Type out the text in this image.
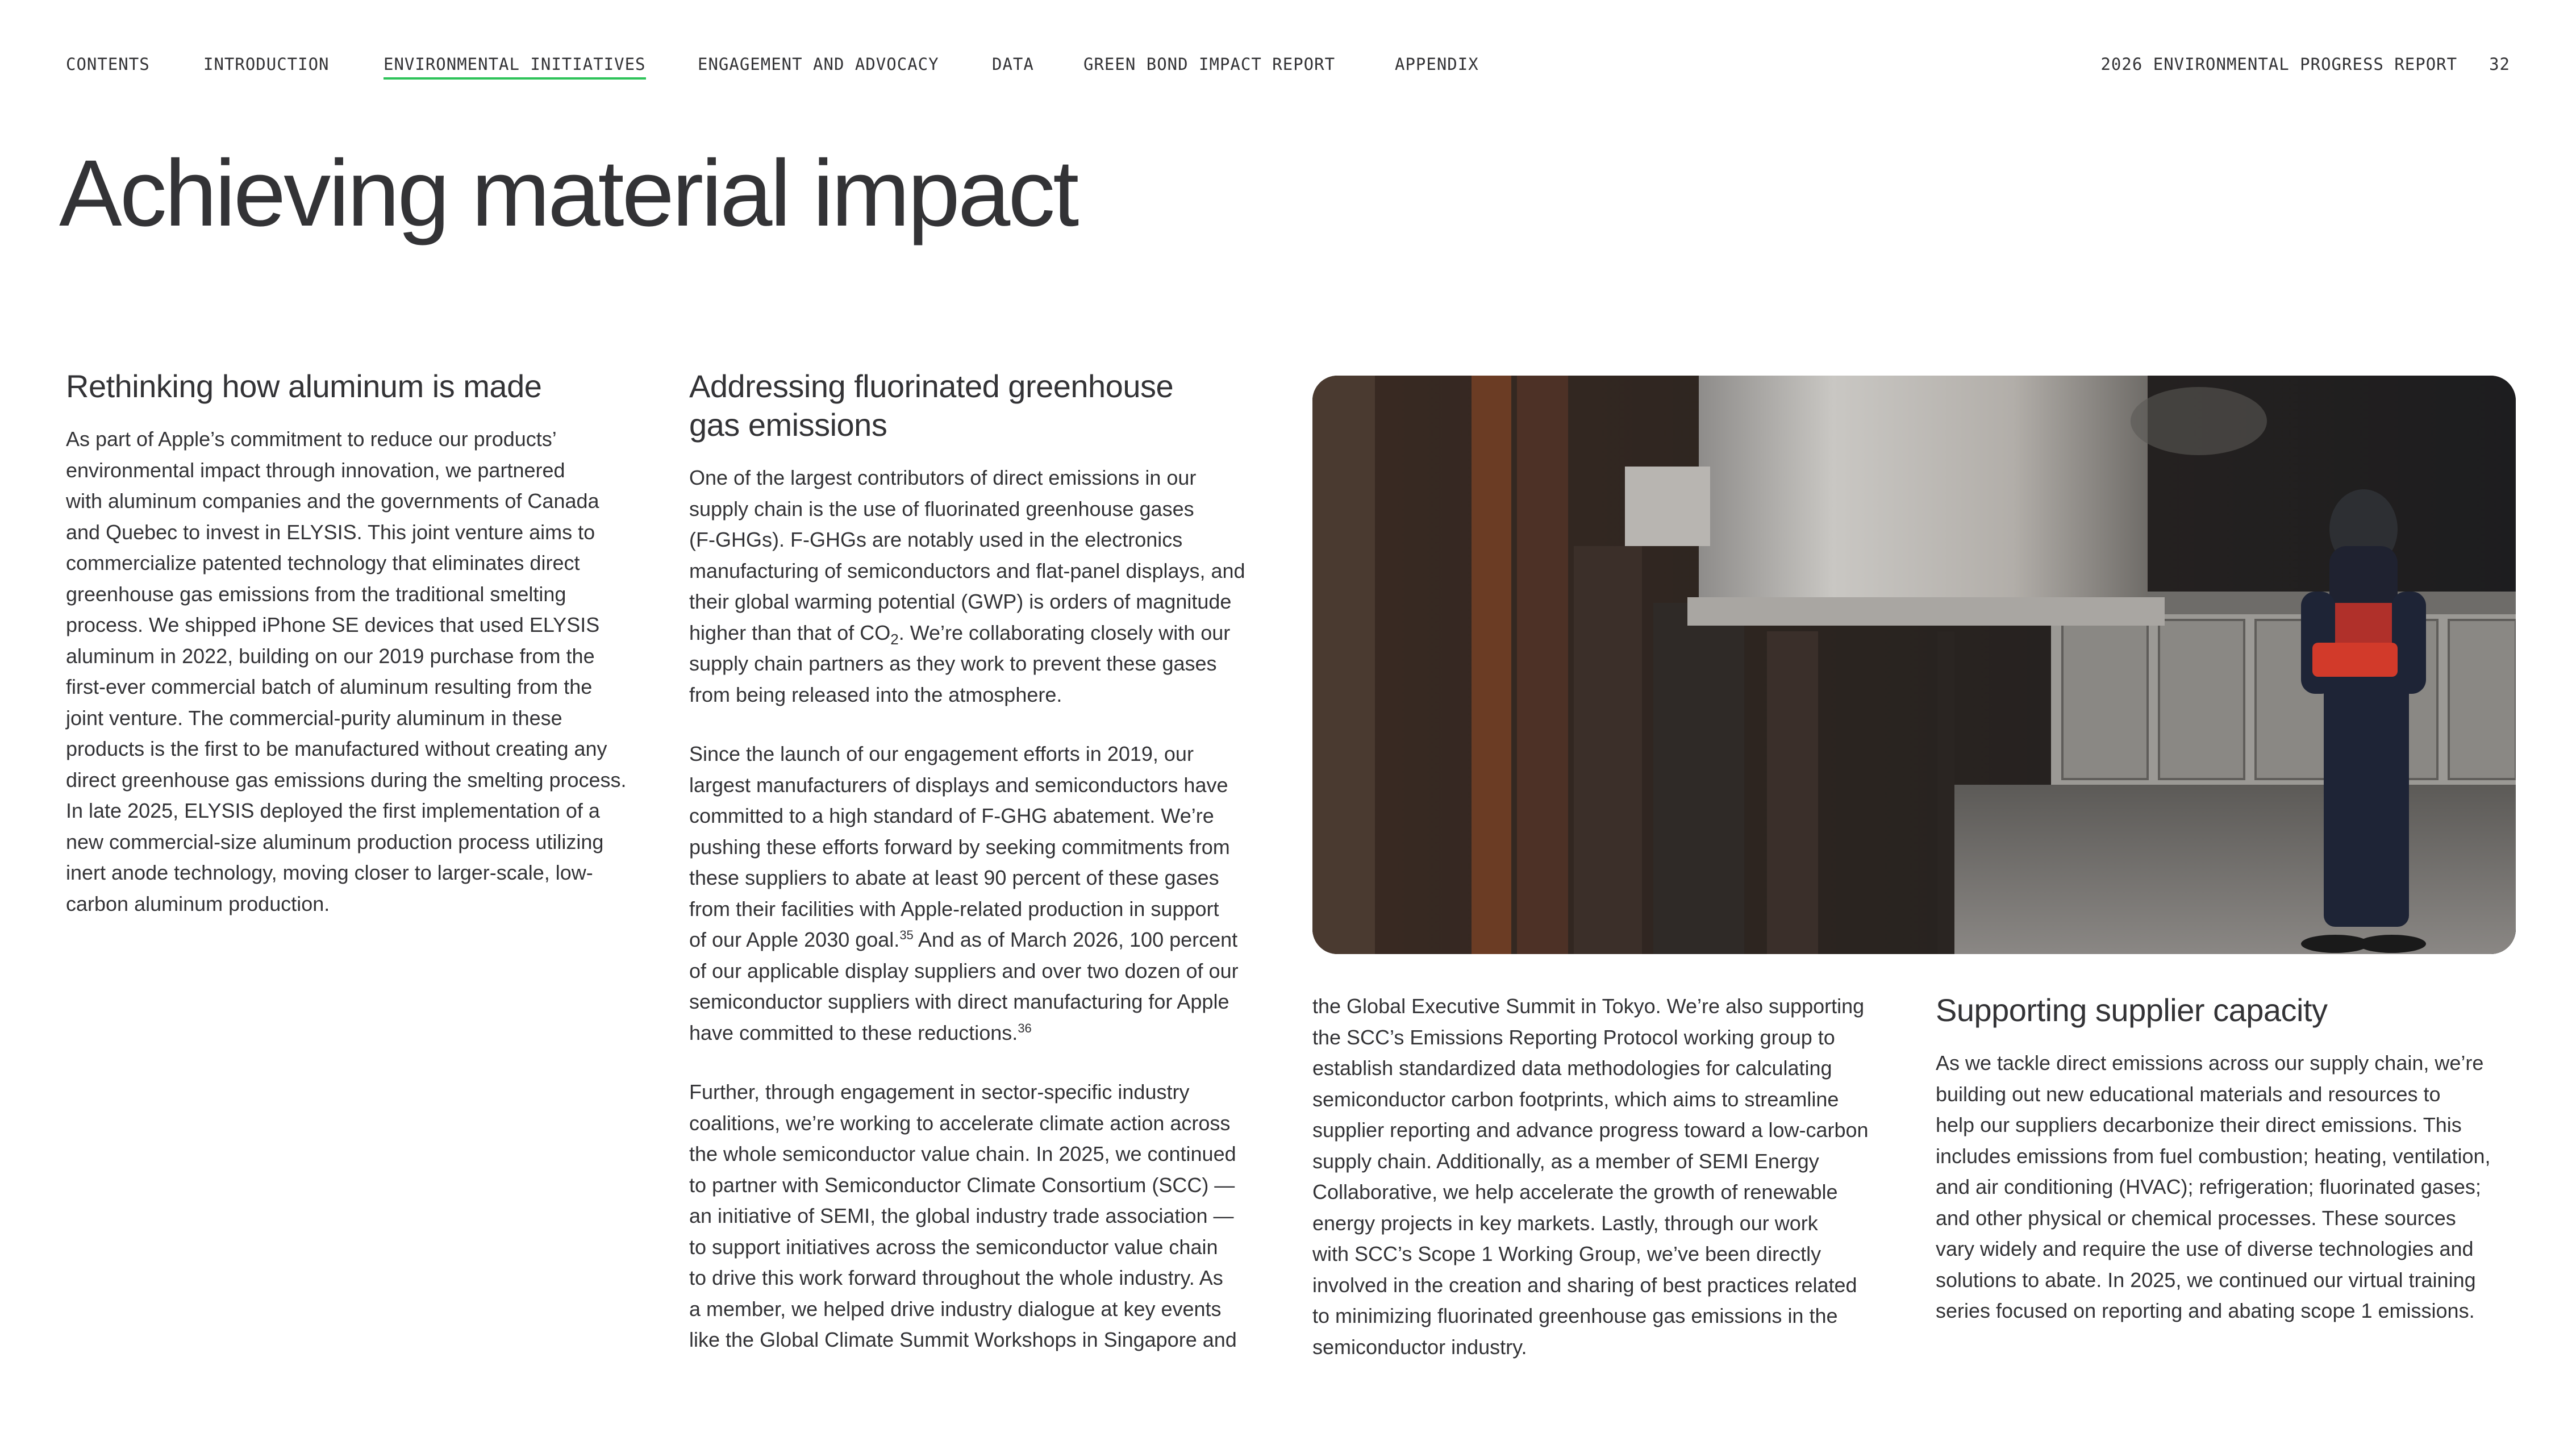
CONTENTS	INTRODUCTION	ENVIRONMENTAL INITIATIVES	ENGAGEMENT AND ADVOCACY	DATA	GREEN BOND IMPACT REPORT	APPENDIX	2026 ENVIRONMENTAL PROGRESS REPORT 32
Achieving material impact
Rethinking how aluminum is made

As part of Apple’s commitment to reduce our products’
environmental impact through innovation, we partnered
with aluminum companies and the governments of Canada
and Quebec to invest in ELYSIS. This joint venture aims to
commercialize patented technology that eliminates direct
greenhouse gas emissions from the traditional smelting
process. We shipped iPhone SE devices that used ELYSIS
aluminum in 2022, building on our 2019 purchase from the
first-ever commercial batch of aluminum resulting from the
joint venture. The commercial-purity aluminum in these
products is the first to be manufactured without creating any
direct greenhouse gas emissions during the smelting process.
In late 2025, ELYSIS deployed the first implementation of a
new commercial-size aluminum production process utilizing
inert anode technology, moving closer to larger-scale, low-
carbon aluminum production.

Addressing fluorinated greenhouse
gas emissions

One of the largest contributors of direct emissions in our
supply chain is the use of fluorinated greenhouse gases
(F-GHGs). F-GHGs are notably used in the electronics
manufacturing of semiconductors and flat-panel displays, and
their global warming potential (GWP) is orders of magnitude
higher than that of $CO_2$. We’re collaborating closely with our
supply chain partners as they work to prevent these gases
from being released into the atmosphere.

Since the launch of our engagement efforts in 2019, our
largest manufacturers of displays and semiconductors have
committed to a high standard of F-GHG abatement. We’re
pushing these efforts forward by seeking commitments from
these suppliers to abate at least 90 percent of these gases
from their facilities with Apple-related production in support
of our Apple 2030 goal.$^{35}$ And as of March 2026, 100 percent
of our applicable display suppliers and over two dozen of our
semiconductor suppliers with direct manufacturing for Apple
have committed to these reductions.$^{36}$

Further, through engagement in sector-specific industry
coalitions, we’re working to accelerate climate action across
the whole semiconductor value chain. In 2025, we continued
to partner with Semiconductor Climate Consortium (SCC) —
an initiative of SEMI, the global industry trade association —
to support initiatives across the semiconductor value chain
to drive this work forward throughout the whole industry. As
a member, we helped drive industry dialogue at key events
like the Global Climate Summit Workshops in Singapore and

the Global Executive Summit in Tokyo. We’re also supporting
the SCC’s Emissions Reporting Protocol working group to
establish standardized data methodologies for calculating
semiconductor carbon footprints, which aims to streamline
supplier reporting and advance progress toward a low-carbon
supply chain. Additionally, as a member of SEMI Energy
Collaborative, we help accelerate the growth of renewable
energy projects in key markets. Lastly, through our work
with SCC’s Scope 1 Working Group, we’ve been directly
involved in the creation and sharing of best practices related
to minimizing fluorinated greenhouse gas emissions in the
semiconductor industry.

Supporting supplier capacity

As we tackle direct emissions across our supply chain, we’re
building out new educational materials and resources to
help our suppliers decarbonize their direct emissions. This
includes emissions from fuel combustion; heating, ventilation,
and air conditioning (HVAC); refrigeration; fluorinated gases;
and other physical or chemical processes. These sources
vary widely and require the use of diverse technologies and
solutions to abate. In 2025, we continued our virtual training
series focused on reporting and abating scope 1 emissions.
